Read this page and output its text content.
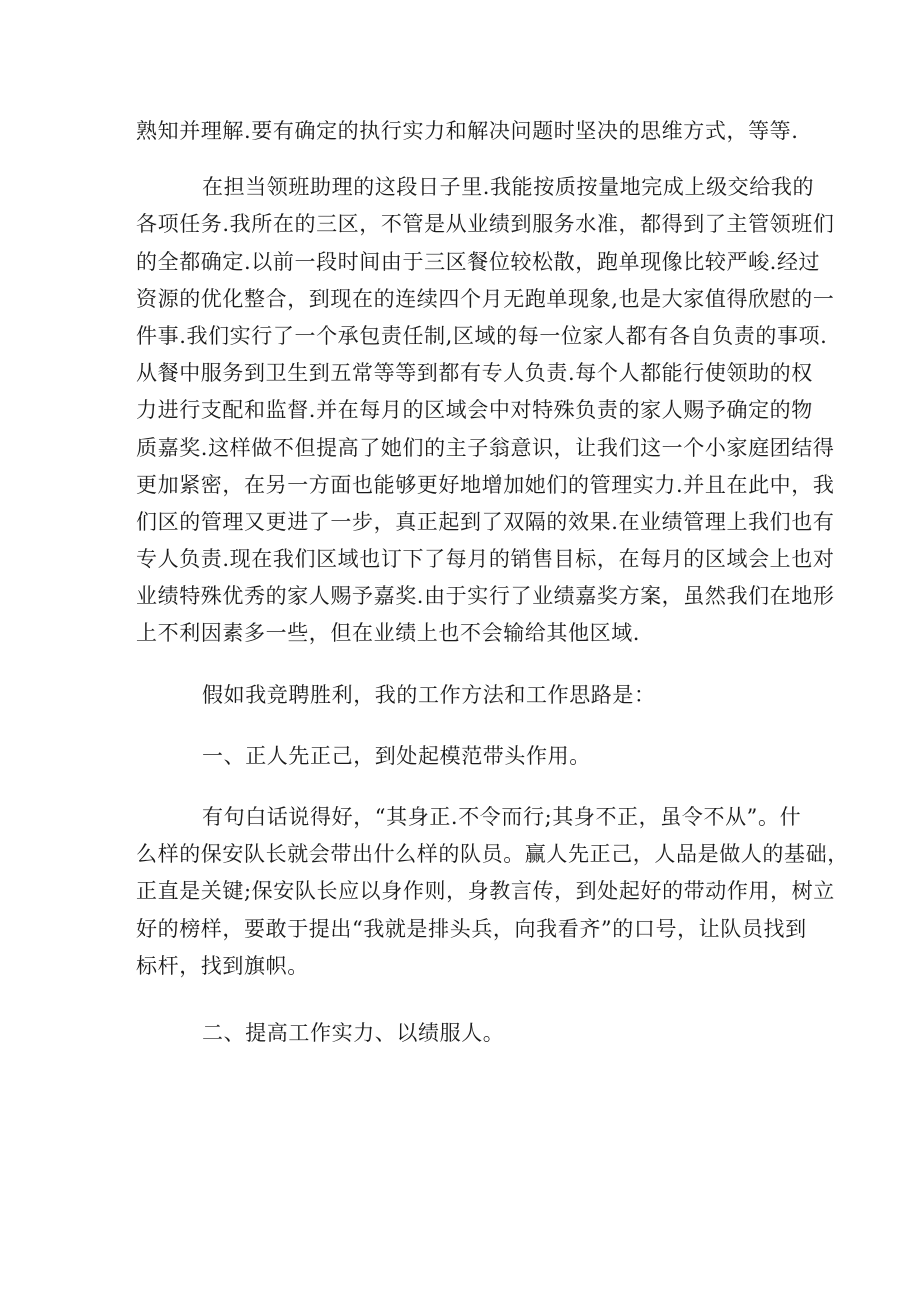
熟知并理解.要有确定的执行实力和解决问题时坚决的思维方式，等等.
在担当领班助理的这段日子里.我能按质按量地完成上级交给我的
各项任务.我所在的三区，不管是从业绩到服务水准，都得到了主管领班们
的全都确定.以前一段时间由于三区餐位较松散，跑单现像比较严峻.经过
资源的优化整合，到现在的连续四个月无跑单现象,也是大家值得欣慰的一
件事.我们实行了一个承包责任制,区域的每一位家人都有各自负责的事项.
从餐中服务到卫生到五常等等到都有专人负责.每个人都能行使领助的权
力进行支配和监督.并在每月的区域会中对特殊负责的家人赐予确定的物
质嘉奖.这样做不但提高了她们的主子翁意识，让我们这一个小家庭团结得
更加紧密，在另一方面也能够更好地增加她们的管理实力.并且在此中，我
们区的管理又更进了一步，真正起到了双隔的效果.在业绩管理上我们也有
专人负责.现在我们区域也订下了每月的销售目标，在每月的区域会上也对
业绩特殊优秀的家人赐予嘉奖.由于实行了业绩嘉奖方案，虽然我们在地形
上不利因素多一些，但在业绩上也不会输给其他区域.
假如我竞聘胜利，我的工作方法和工作思路是：
一、正人先正己，到处起模范带头作用。
有句白话说得好，“其身正.不令而行;其身不正，虽令不从”。什
么样的保安队长就会带出什么样的队员。赢人先正己，人品是做人的基础，
正直是关键;保安队长应以身作则，身教言传，到处起好的带动作用，树立
好的榜样，要敢于提出“我就是排头兵，向我看齐”的口号，让队员找到
标杆，找到旗帜。
二、提高工作实力、以绩服人。
